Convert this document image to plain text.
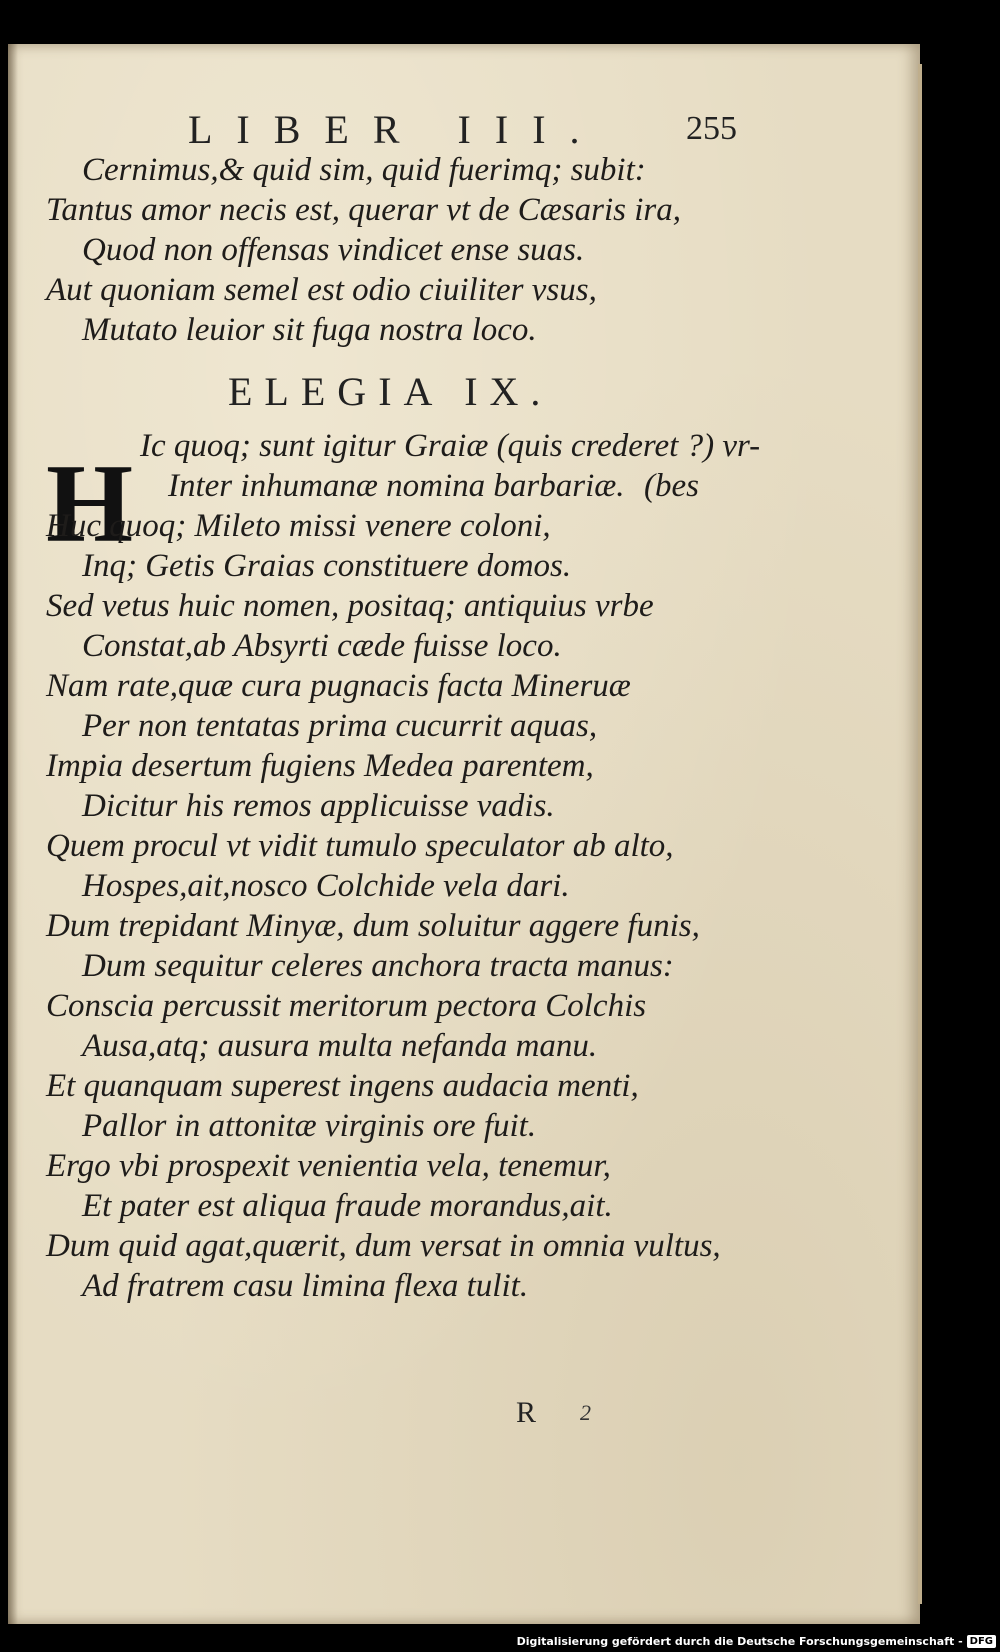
LIBER III. 255
Cernimus,& quid sim, quid fuerimq; subit:
Tantus amor necis est, querar vt de Cæsaris ira,
Quod non offensas vindicet ense suas.
Aut quoniam semel est odio ciuiliter vsus,
Mutato leuior sit fuga nostra loco.
ELEGIA IX.
H Ic quoq; sunt igitur Graiæ (quis crederet ?) vr-
Inter inhumanæ nomina barbariæ. (bes
Huc quoq; Mileto missi venere coloni,
Inq; Getis Graias constituere domos.
Sed vetus huic nomen, positaq; antiquius vrbe
Constat,ab Absyrti cæde fuisse loco.
Nam rate,quæ cura pugnacis facta Mineruæ
Per non tentatas prima cucurrit aquas,
Impia desertum fugiens Medea parentem,
Dicitur his remos applicuisse vadis.
Quem procul vt vidit tumulo speculator ab alto,
Hospes,ait,nosco Colchide vela dari.
Dum trepidant Minyæ, dum soluitur aggere funis,
Dum sequitur celeres anchora tracta manus:
Conscia percussit meritorum pectora Colchis
Ausa,atq; ausura multa nefanda manu.
Et quanquam superest ingens audacia menti,
Pallor in attonitæ virginis ore fuit.
Ergo vbi prospexit venientia vela, tenemur,
Et pater est aliqua fraude morandus,ait.
Dum quid agat,quærit, dum versat in omnia vultus,
Ad fratrem casu limina flexa tulit.
R 2
Digitalisierung gefördert durch die Deutsche Forschungsgemeinschaft - DFG
